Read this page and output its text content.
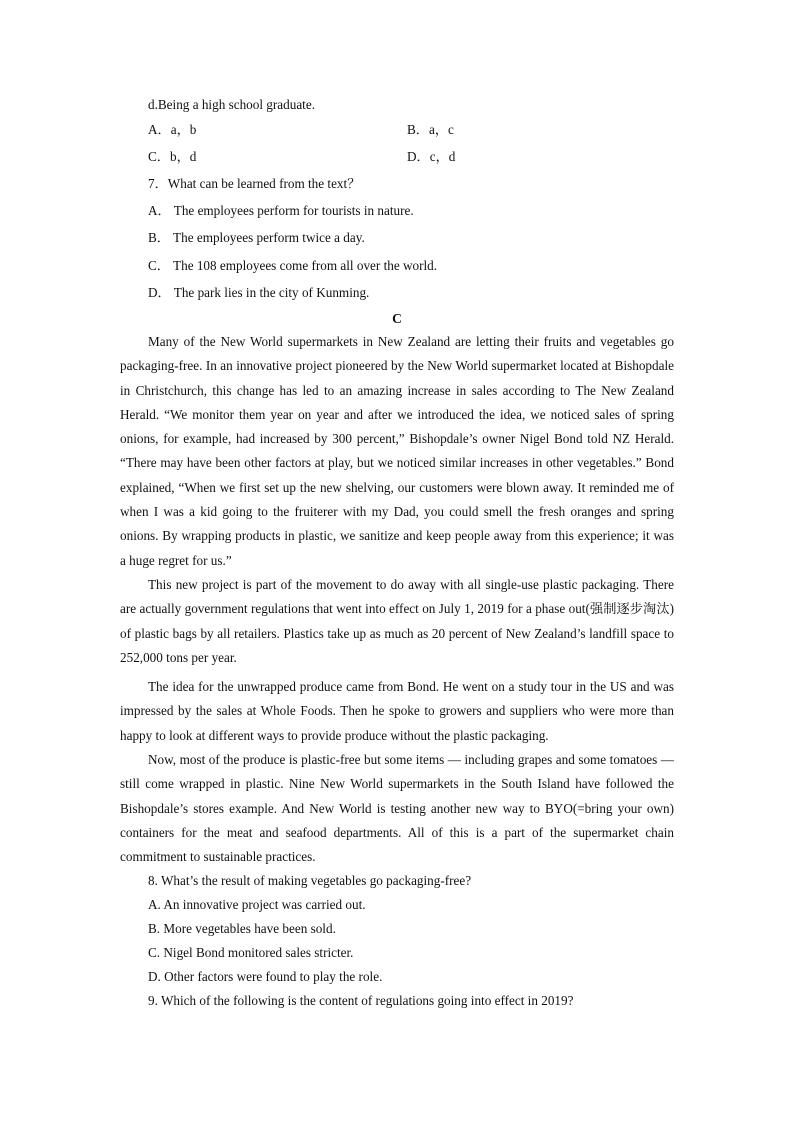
d.Being a high school graduate.
A．a，b	B．a，c
C．b，d	D．c，d
7．What can be learned from the text？
A． The employees perform for tourists in nature.
B． The employees perform twice a day.
C． The 108 employees come from all over the world.
D． The park lies in the city of Kunming.
C

Many of the New World supermarkets in New Zealand are letting their fruits and vegetables go packaging-free. In an innovative project pioneered by the New World supermarket located at Bishopdale in Christchurch, this change has led to an amazing increase in sales according to The New Zealand Herald. “We monitor them year on year and after we introduced the idea, we noticed sales of spring onions, for example, had increased by 300 percent,” Bishopdale’s owner Nigel Bond told NZ Herald. “There may have been other factors at play, but we noticed similar increases in other vegetables.” Bond explained, “When we first set up the new shelving, our customers were blown away. It reminded me of when I was a kid going to the fruiterer with my Dad, you could smell the fresh oranges and spring onions. By wrapping products in plastic, we sanitize and keep people away from this experience; it was a huge regret for us.”

This new project is part of the movement to do away with all single-use plastic packaging. There are actually government regulations that went into effect on July 1, 2019 for a phase out(强制逐步淘汰) of plastic bags by all retailers. Plastics take up as much as 20 percent of New Zealand’s landfill space to 252,000 tons per year.

The idea for the unwrapped produce came from Bond. He went on a study tour in the US and was impressed by the sales at Whole Foods. Then he spoke to growers and suppliers who were more than happy to look at different ways to provide produce without the plastic packaging.

Now, most of the produce is plastic-free but some items — including grapes and some tomatoes — still come wrapped in plastic. Nine New World supermarkets in the South Island have followed the Bishopdale’s stores example. And New World is testing another new way to BYO(=bring your own) containers for the meat and seafood departments. All of this is a part of the supermarket chain commitment to sustainable practices.

8. What’s the result of making vegetables go packaging-free?
A. An innovative project was carried out.
B. More vegetables have been sold.
C. Nigel Bond monitored sales stricter.
D. Other factors were found to play the role.
9. Which of the following is the content of regulations going into effect in 2019?
